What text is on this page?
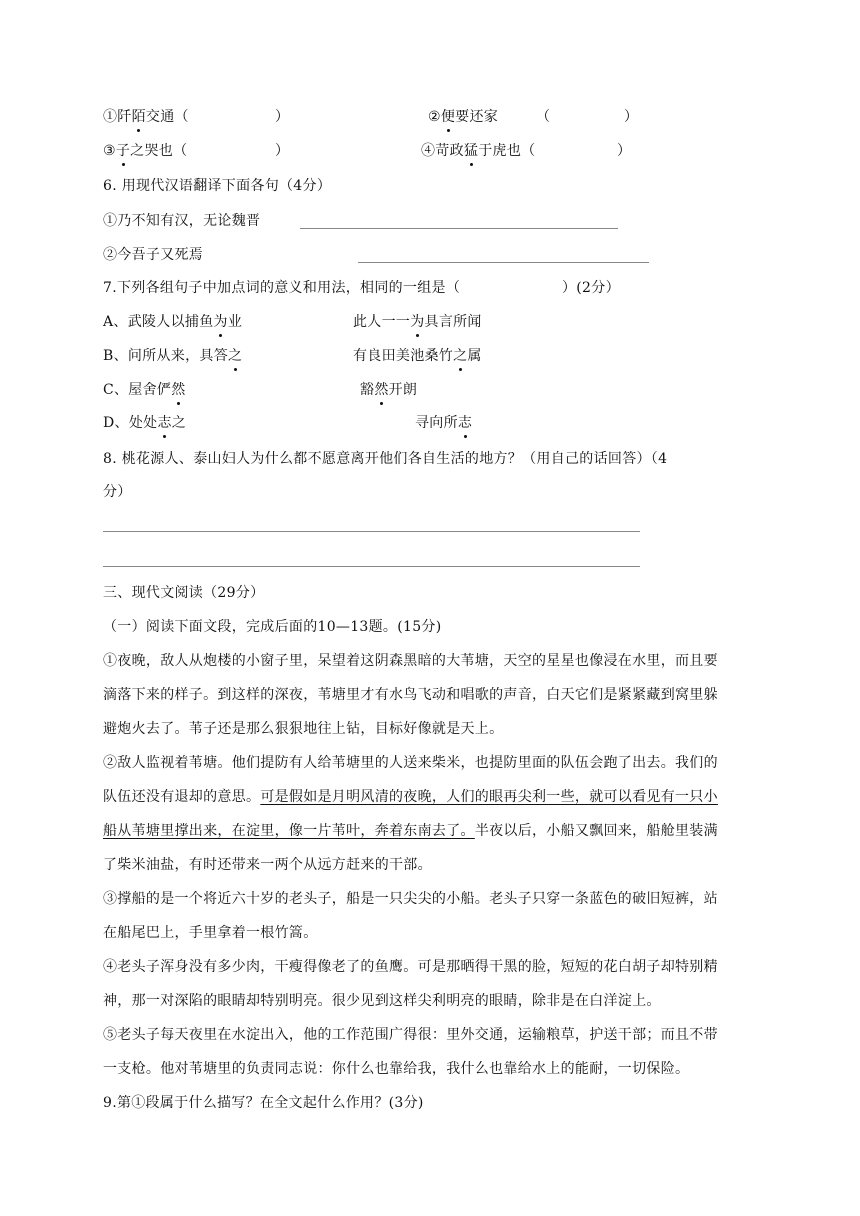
①阡陌交通（	）	②便要还家	（	）
③子之哭也（	）	④苛政猛于虎也（	）
6. 用现代汉语翻译下面各句（4分）
①乃不知有汉，无论魏晋
②今吾子又死焉
7.下列各组句子中加点词的意义和用法，相同的一组是（	）(2分）
A、武陵人以捕鱼为业	此人一一为具言所闻
B、问所从来，具答之	有良田美池桑竹之属
C、屋舍俨然	豁然开朗
D、处处志之	寻向所志
8. 桃花源人、泰山妇人为什么都不愿意离开他们各自生活的地方？（用自己的话回答）（4
分）
三、现代文阅读（29分）
（一）阅读下面文段，完成后面的10—13题。(15分)
①夜晚，敌人从炮楼的小窗子里，呆望着这阴森黑暗的大苇塘，天空的星星也像浸在水里，而且要
滴落下来的样子。到这样的深夜，苇塘里才有水鸟飞动和唱歌的声音，白天它们是紧紧藏到窝里躲
避炮火去了。苇子还是那么狠狠地往上钻，目标好像就是天上。
②敌人监视着苇塘。他们提防有人给苇塘里的人送来柴米，也提防里面的队伍会跑了出去。我们的
队伍还没有退却的意思。可是假如是月明风清的夜晚，人们的眼再尖利一些，就可以看见有一只小
船从苇塘里撑出来，在淀里，像一片苇叶，奔着东南去了。半夜以后，小船又飘回来，船舱里装满
了柴米油盐，有时还带来一两个从远方赶来的干部。
③撑船的是一个将近六十岁的老头子，船是一只尖尖的小船。老头子只穿一条蓝色的破旧短裤，站
在船尾巴上，手里拿着一根竹篙。
④老头子浑身没有多少肉，干瘦得像老了的鱼鹰。可是那晒得干黑的脸，短短的花白胡子却特别精
神，那一对深陷的眼睛却特别明亮。很少见到这样尖利明亮的眼睛，除非是在白洋淀上。
⑤老头子每天夜里在水淀出入，他的工作范围广得很：里外交通，运输粮草，护送干部；而且不带
一支枪。他对苇塘里的负责同志说：你什么也靠给我，我什么也靠给水上的能耐，一切保险。
9.第①段属于什么描写？在全文起什么作用？(3分)
